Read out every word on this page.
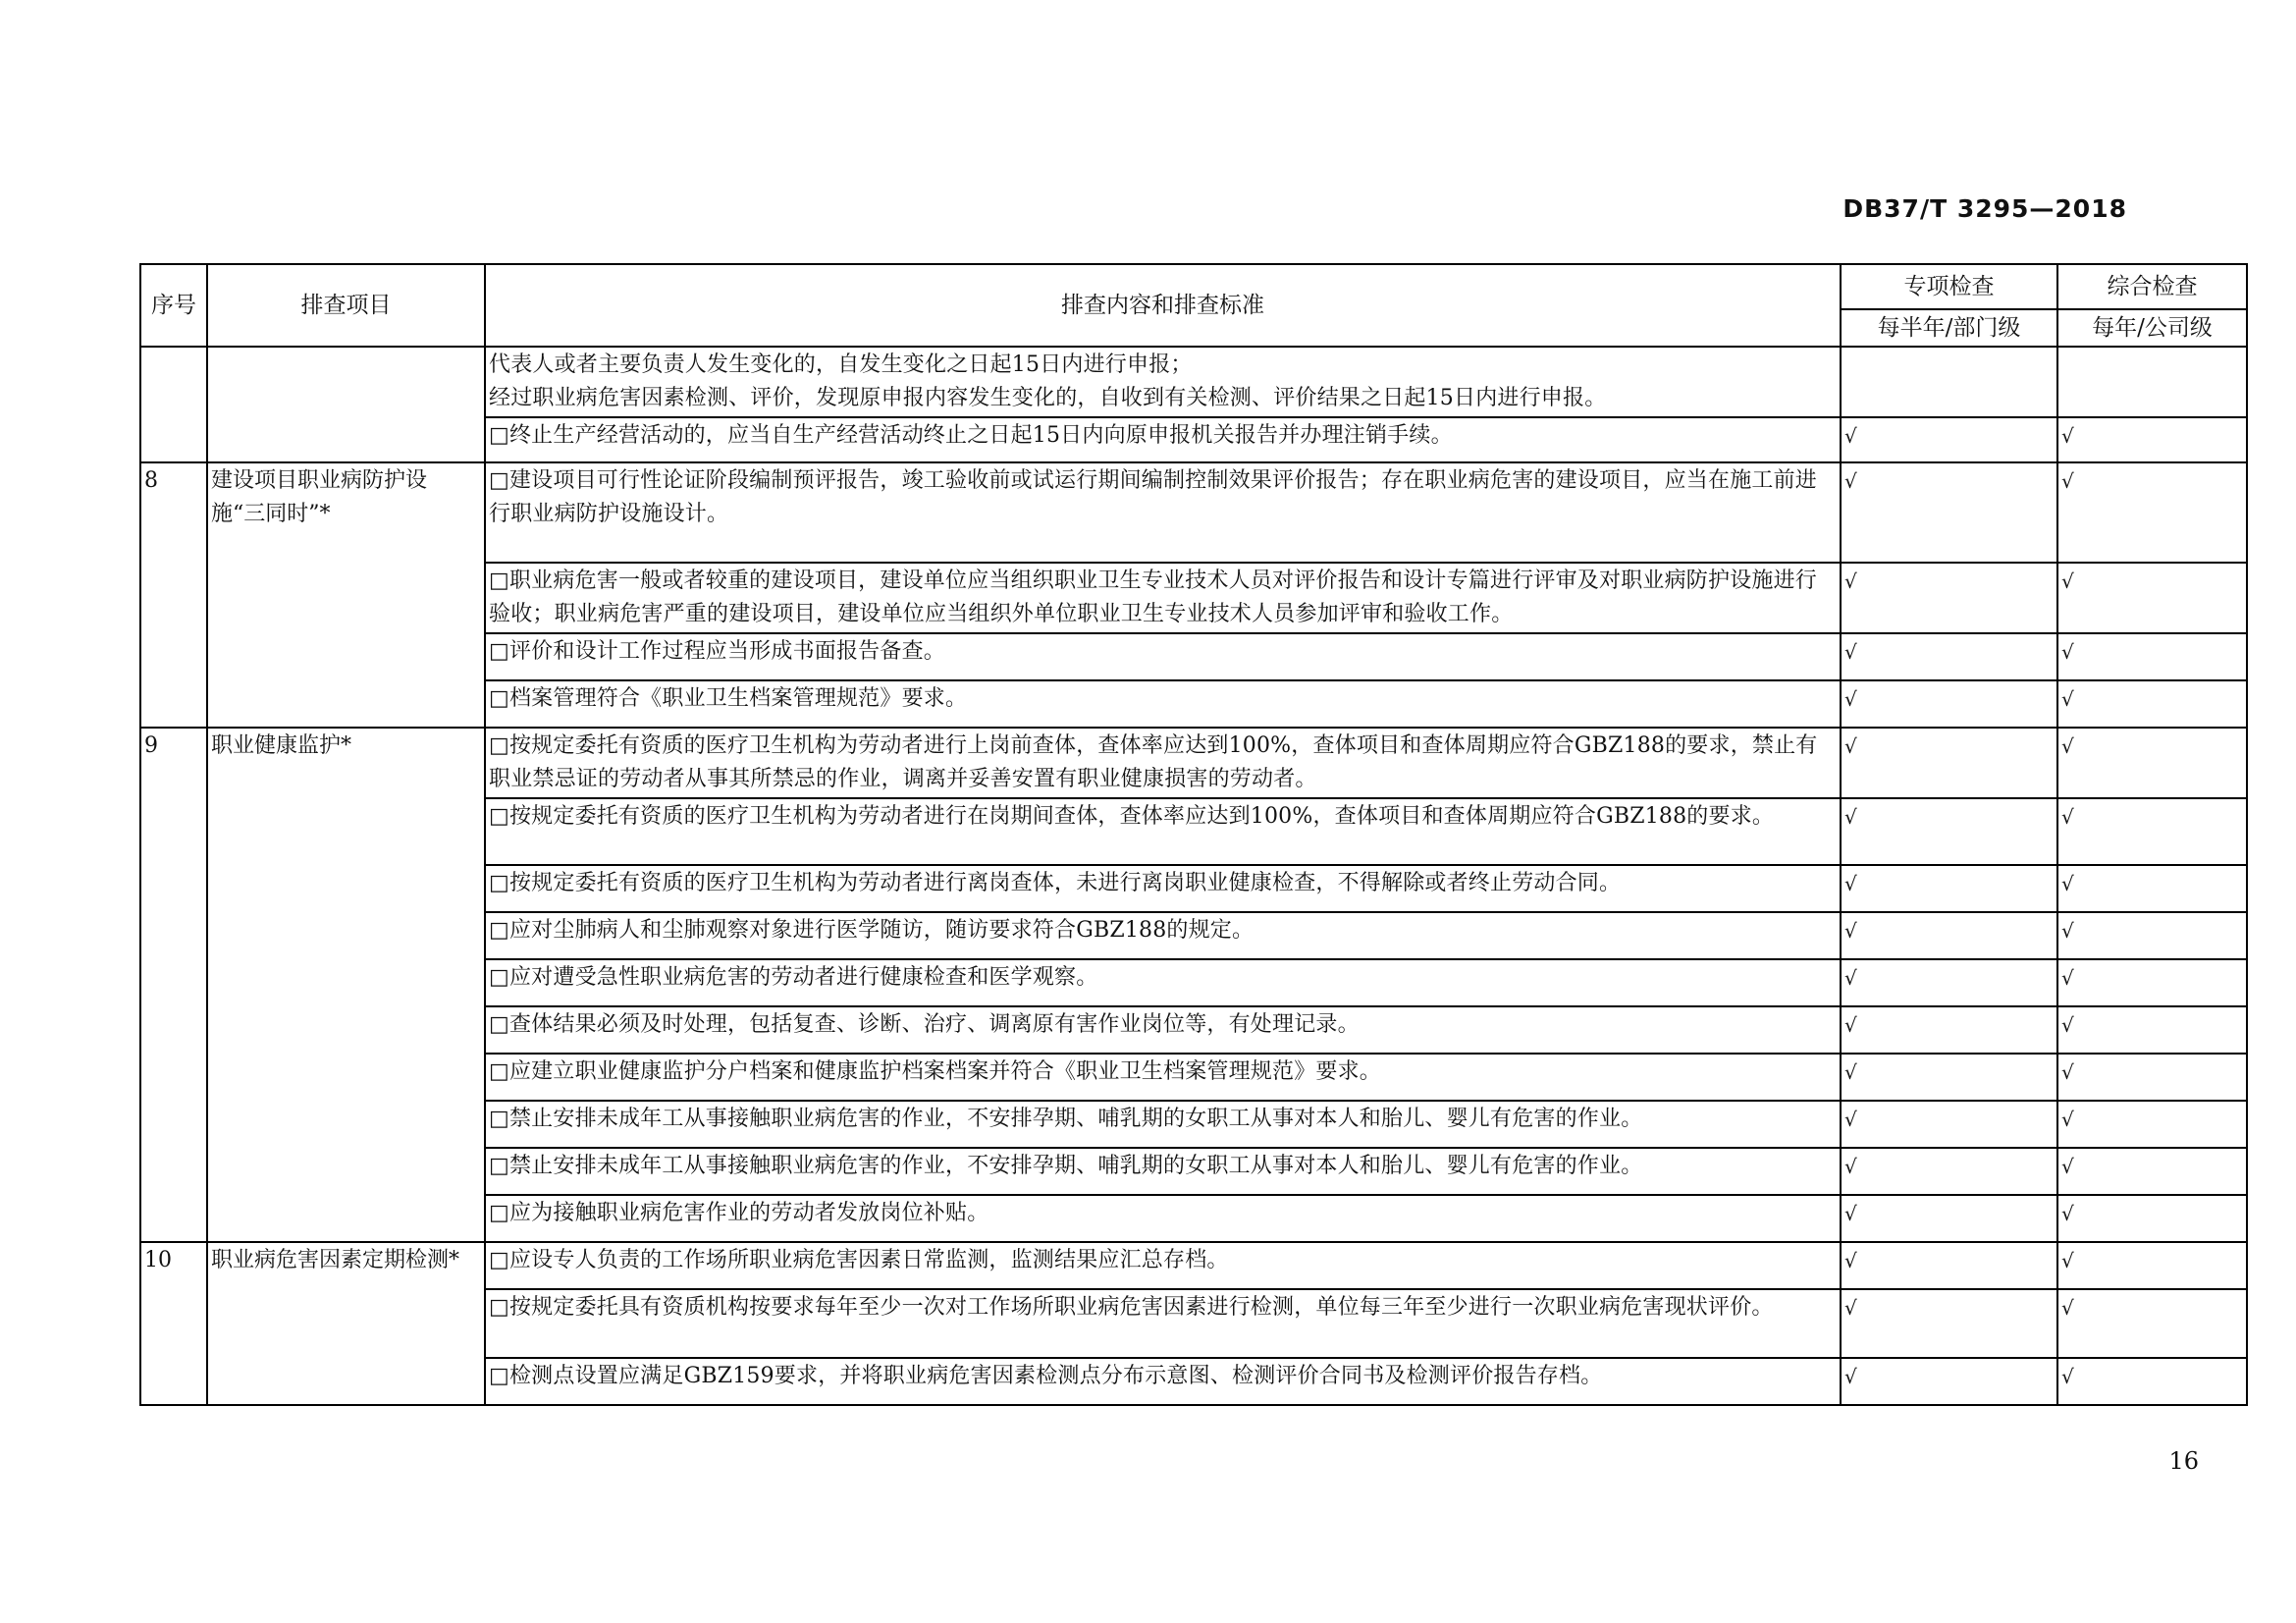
DB37/T 3295—2018
序号	排查项目	排查内容和排查标准	专项检查	综合检查
			每半年/部门级	每年/公司级
		代表人或者主要负责人发生变化的，自发生变化之日起15日内进行申报；
经过职业病危害因素检测、评价，发现原申报内容发生变化的，自收到有关检测、评价结果之日起15日内进行申报。		
		□终止生产经营活动的，应当自生产经营活动终止之日起15日内向原申报机关报告并办理注销手续。	√	√
8	建设项目职业病防护设施“三同时”*	□建设项目可行性论证阶段编制预评报告，竣工验收前或试运行期间编制控制效果评价报告；存在职业病危害的建设项目，应当在施工前进行职业病防护设施设计。	√	√
		□职业病危害一般或者较重的建设项目，建设单位应当组织职业卫生专业技术人员对评价报告和设计专篇进行评审及对职业病防护设施进行验收；职业病危害严重的建设项目，建设单位应当组织外单位职业卫生专业技术人员参加评审和验收工作。	√	√
		□评价和设计工作过程应当形成书面报告备查。	√	√
		□档案管理符合《职业卫生档案管理规范》要求。	√	√
9	职业健康监护*	□按规定委托有资质的医疗卫生机构为劳动者进行上岗前查体，查体率应达到100%，查体项目和查体周期应符合GBZ188的要求，禁止有职业禁忌证的劳动者从事其所禁忌的作业，调离并妥善安置有职业健康损害的劳动者。	√	√
		□按规定委托有资质的医疗卫生机构为劳动者进行在岗期间查体，查体率应达到100%，查体项目和查体周期应符合GBZ188的要求。	√	√
		□按规定委托有资质的医疗卫生机构为劳动者进行离岗查体，未进行离岗职业健康检查，不得解除或者终止劳动合同。	√	√
		□应对尘肺病人和尘肺观察对象进行医学随访，随访要求符合GBZ188的规定。	√	√
		□应对遭受急性职业病危害的劳动者进行健康检查和医学观察。	√	√
		□查体结果必须及时处理，包括复查、诊断、治疗、调离原有害作业岗位等，有处理记录。	√	√
		□应建立职业健康监护分户档案和健康监护档案档案并符合《职业卫生档案管理规范》要求。	√	√
		□禁止安排未成年工从事接触职业病危害的作业，不安排孕期、哺乳期的女职工从事对本人和胎儿、婴儿有危害的作业。	√	√
		□禁止安排未成年工从事接触职业病危害的作业，不安排孕期、哺乳期的女职工从事对本人和胎儿、婴儿有危害的作业。	√	√
		□应为接触职业病危害作业的劳动者发放岗位补贴。	√	√
10	职业病危害因素定期检测*	□应设专人负责的工作场所职业病危害因素日常监测，监测结果应汇总存档。	√	√
		□按规定委托具有资质机构按要求每年至少一次对工作场所职业病危害因素进行检测，单位每三年至少进行一次职业病危害现状评价。	√	√
		□检测点设置应满足GBZ159要求，并将职业病危害因素检测点分布示意图、检测评价合同书及检测评价报告存档。	√	√
16
